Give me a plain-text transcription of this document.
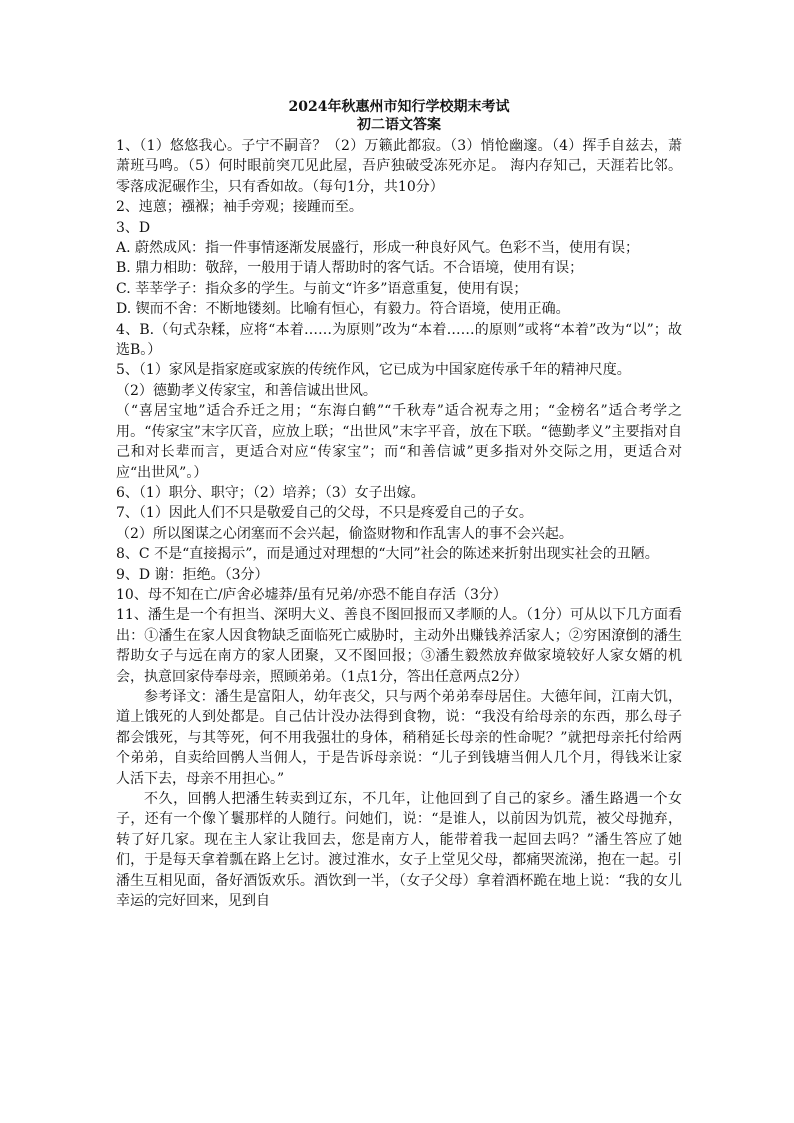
2024年秋惠州市知行学校期末考试
初二语文答案

1、（1）悠悠我心。子宁不嗣音？（2）万籁此都寂。（3）悄怆幽邃。（4）挥手自兹去，萧萧班马鸣。（5）何时眼前突兀见此屋，吾庐独破受冻死亦足。 海内存知己，天涯若比邻。 零落成泥碾作尘，只有香如故。（每句1分，共10分）

2、迍蒽；襁褓；袖手旁观；接踵而至。

3、D

A. 蔚然成风：指一件事情逐渐发展盛行，形成一种良好风气。色彩不当，使用有误；

B. 鼎力相助：敬辞，一般用于请人帮助时的客气话。不合语境，使用有误；

C. 莘莘学子：指众多的学生。与前文“许多”语意重复，使用有误；

D. 锲而不舍：不断地镂刻。比喻有恒心，有毅力。符合语境，使用正确。

4、B.（句式杂糅，应将“本着……为原则”改为“本着……的原则”或将“本着”改为“以”；故选B。）

5、（1）家风是指家庭或家族的传统作风，它已成为中国家庭传承千年的精神尺度。

（2）德勤孝义传家宝，和善信诚出世风。

（“喜居宝地”适合乔迁之用；“东海白鹤”“千秋寿”适合祝寿之用；“金榜名”适合考学之用。“传家宝”末字仄音，应放上联；“出世风”末字平音，放在下联。“德勤孝义”主要指对自己和对长辈而言，更适合对应“传家宝”；而“和善信诚”更多指对外交际之用，更适合对应“出世风”。）

6、（1）职分、职守；（2）培养；（3）女子出嫁。

7、（1）因此人们不只是敬爱自己的父母，不只是疼爱自己的子女。

（2）所以图谋之心闭塞而不会兴起，偷盗财物和作乱害人的事不会兴起。

8、C 不是“直接揭示”，而是通过对理想的“大同”社会的陈述来折射出现实社会的丑陋。

9、D 谢：拒绝。（3分）

10、母不知在亡/庐舍必墟莽/虽有兄弟/亦恐不能自存活（3分）

11、潘生是一个有担当、深明大义、善良不图回报而又孝顺的人。（1分）可从以下几方面看出：①潘生在家人因食物缺乏面临死亡威胁时，主动外出赚钱养活家人；②穷困潦倒的潘生帮助女子与远在南方的家人团聚，又不图回报；③潘生毅然放弃做家境较好人家女婿的机会，执意回家侍奉母亲，照顾弟弟。（1点1分，答出任意两点2分）

参考译文：潘生是富阳人，幼年丧父，只与两个弟弟奉母居住。大德年间，江南大饥，道上饿死的人到处都是。自己估计没办法得到食物，说：“我没有给母亲的东西，那么母子都会饿死，与其等死，何不用我强壮的身体，稍稍延长母亲的性命呢？”就把母亲托付给两个弟弟，自卖给回鹘人当佣人，于是告诉母亲说：“儿子到钱塘当佣人几个月，得钱米让家人活下去，母亲不用担心。”

不久，回鹘人把潘生转卖到辽东，不几年，让他回到了自己的家乡。潘生路遇一个女子，还有一个像丫鬟那样的人随行。问她们，说：“是谁人，以前因为饥荒，被父母抛弃，转了好几家。现在主人家让我回去，您是南方人，能带着我一起回去吗？”潘生答应了她们，于是每天拿着瓢在路上乞讨。渡过淮水，女子上堂见父母，都痛哭流涕，抱在一起。引潘生互相见面，备好酒饭欢乐。酒饮到一半，（女子父母）拿着酒杯跪在地上说：“我的女儿幸运的完好回来，见到自
